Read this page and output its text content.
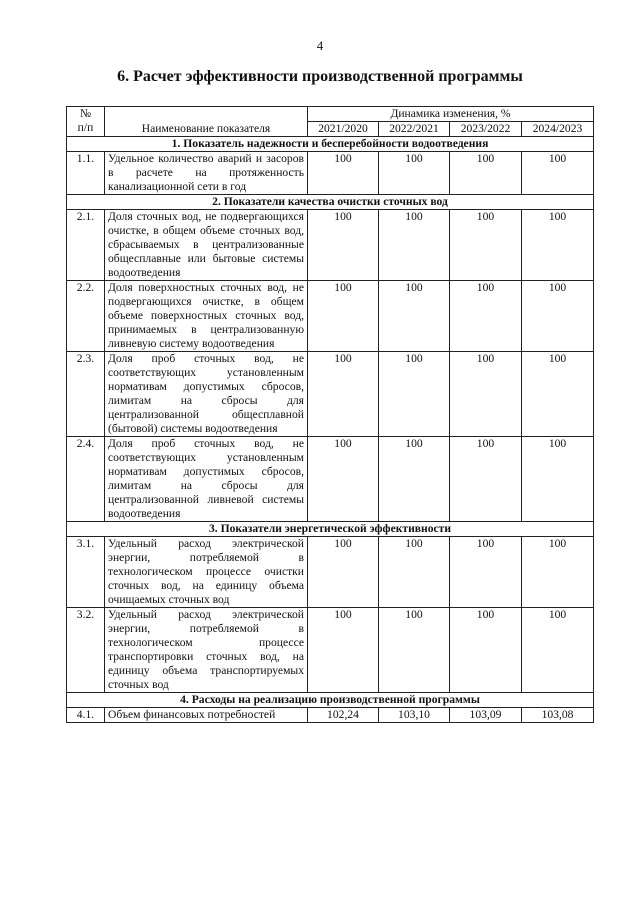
4
6. Расчет эффективности производственной программы
№
п/п	Наименование показателя	Динамика изменения, %			
		2021/2020	2022/2021	2023/2022	2024/2023
1. Показатель надежности и бесперебойности водоотведения					
1.1.	Удельное количество аварий и засоров в расчете на протяженность канализационной сети в год	100	100	100	100
2. Показатели качества очистки сточных вод					
2.1.	Доля сточных вод, не подвергающихся очистке, в общем объеме сточных вод, сбрасываемых в централизованные общесплавные или бытовые системы водоотведения	100	100	100	100
2.2.	Доля поверхностных сточных вод, не подвергающихся очистке, в общем объеме поверхностных сточных вод, принимаемых в централизованную ливневую систему водоотведения	100	100	100	100
2.3.	Доля проб сточных вод, не соответствующих установленным нормативам допустимых сбросов, лимитам на сбросы для централизованной общесплавной (бытовой) системы водоотведения	100	100	100	100
2.4.	Доля проб сточных вод, не соответствующих установленным нормативам допустимых сбросов, лимитам на сбросы для централизованной ливневой системы водоотведения	100	100	100	100
3. Показатели энергетической эффективности					
3.1.	Удельный расход электрической энергии, потребляемой в технологическом процессе очистки сточных вод, на единицу объема очищаемых сточных вод	100	100	100	100
3.2.	Удельный расход электрической энергии, потребляемой в технологическом процессе транспортировки сточных вод, на единицу объема транспортируемых сточных вод	100	100	100	100
4. Расходы на реализацию производственной программы					
4.1.	Объем финансовых потребностей	102,24	103,10	103,09	103,08
